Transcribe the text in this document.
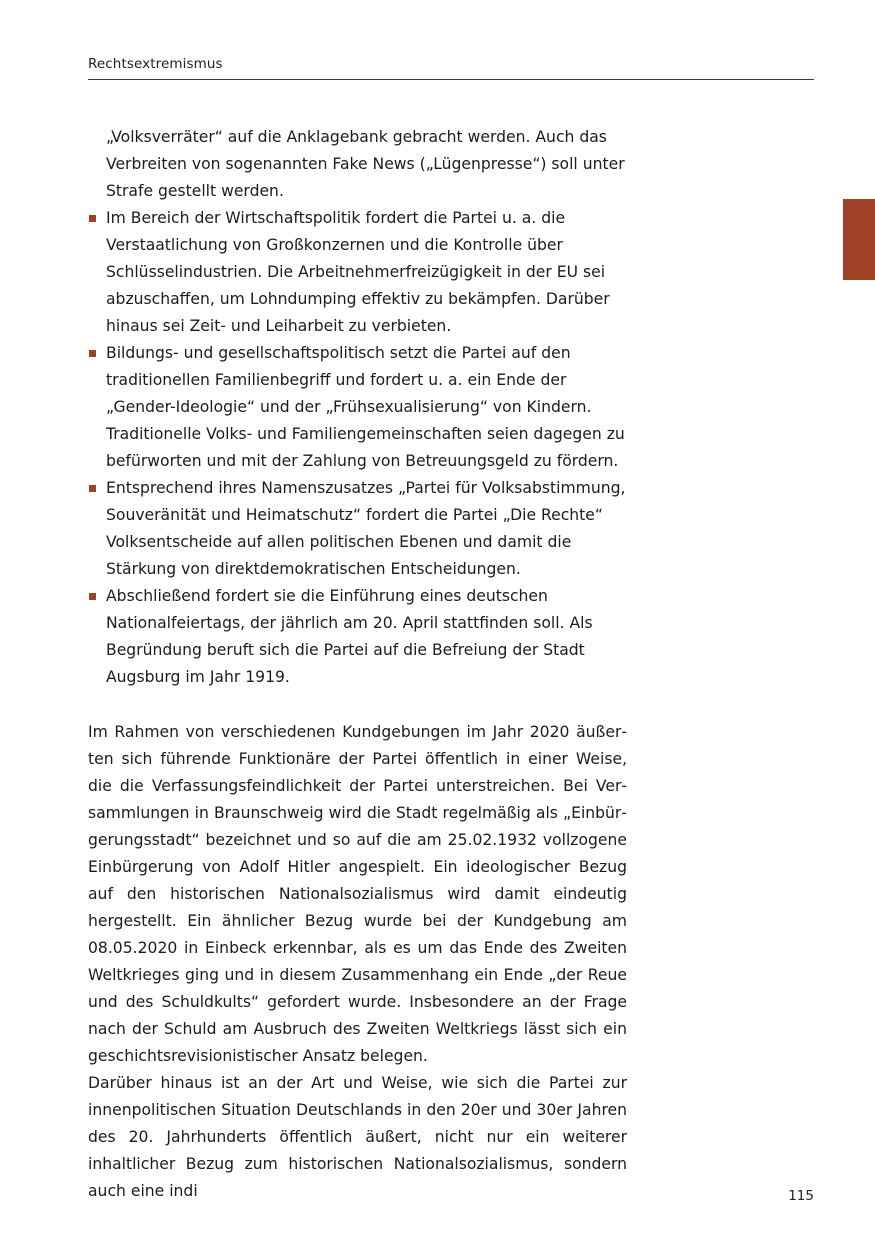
Rechtsextremismus
„Volksverräter“ auf die Anklagebank gebracht werden. Auch das Verbreiten von sogenannten Fake News („Lügenpresse“) soll unter Strafe gestellt werden.
Im Bereich der Wirtschaftspolitik fordert die Partei u. a. die Verstaatlichung von Großkonzernen und die Kontrolle über Schlüsselindustrien. Die Arbeitnehmerfreizügigkeit in der EU sei abzuschaffen, um Lohndumping effektiv zu bekämpfen. Darüber hinaus sei Zeit- und Leiharbeit zu verbieten.
Bildungs- und gesellschaftspolitisch setzt die Partei auf den traditionellen Familienbegriff und fordert u. a. ein Ende der „Gender-Ideologie“ und der „Frühsexualisierung“ von Kindern. Traditionelle Volks- und Familiengemeinschaften seien dagegen zu befürworten und mit der Zahlung von Betreuungsgeld zu fördern.
Entsprechend ihres Namenszusatzes „Partei für Volksabstimmung, Souveränität und Heimatschutz“ fordert die Partei „Die Rechte“ Volksentscheide auf allen politischen Ebenen und damit die Stärkung von direktdemokratischen Entscheidungen.
Abschließend fordert sie die Einführung eines deutschen Nationalfeiertags, der jährlich am 20. April stattfinden soll. Als Begründung beruft sich die Partei auf die Befreiung der Stadt Augsburg im Jahr 1919.

Im Rahmen von verschiedenen Kundgebungen im Jahr 2020 äußerten sich führende Funktionäre der Partei öffentlich in einer Weise, die die Verfassungsfeindlichkeit der Partei unterstreichen. Bei Versammlungen in Braunschweig wird die Stadt regelmäßig als „Einbürgerungsstadt“ bezeichnet und so auf die am 25.02.1932 vollzogene Einbürgerung von Adolf Hitler angespielt. Ein ideologischer Bezug auf den historischen Nationalsozialismus wird damit eindeutig hergestellt. Ein ähnlicher Bezug wurde bei der Kundgebung am 08.05.2020 in Einbeck erkennbar, als es um das Ende des Zweiten Weltkrieges ging und in diesem Zusammenhang ein Ende „der Reue und des Schuldkults“ gefordert wurde. Insbesondere an der Frage nach der Schuld am Ausbruch des Zweiten Weltkriegs lässt sich ein geschichtsrevisionistischer Ansatz belegen.

Darüber hinaus ist an der Art und Weise, wie sich die Partei zur innenpolitischen Situation Deutschlands in den 20er und 30er Jahren des 20. Jahrhunderts öffentlich äußert, nicht nur ein weiterer inhaltlicher Bezug zum historischen Nationalsozialismus, sondern auch eine indi	115
